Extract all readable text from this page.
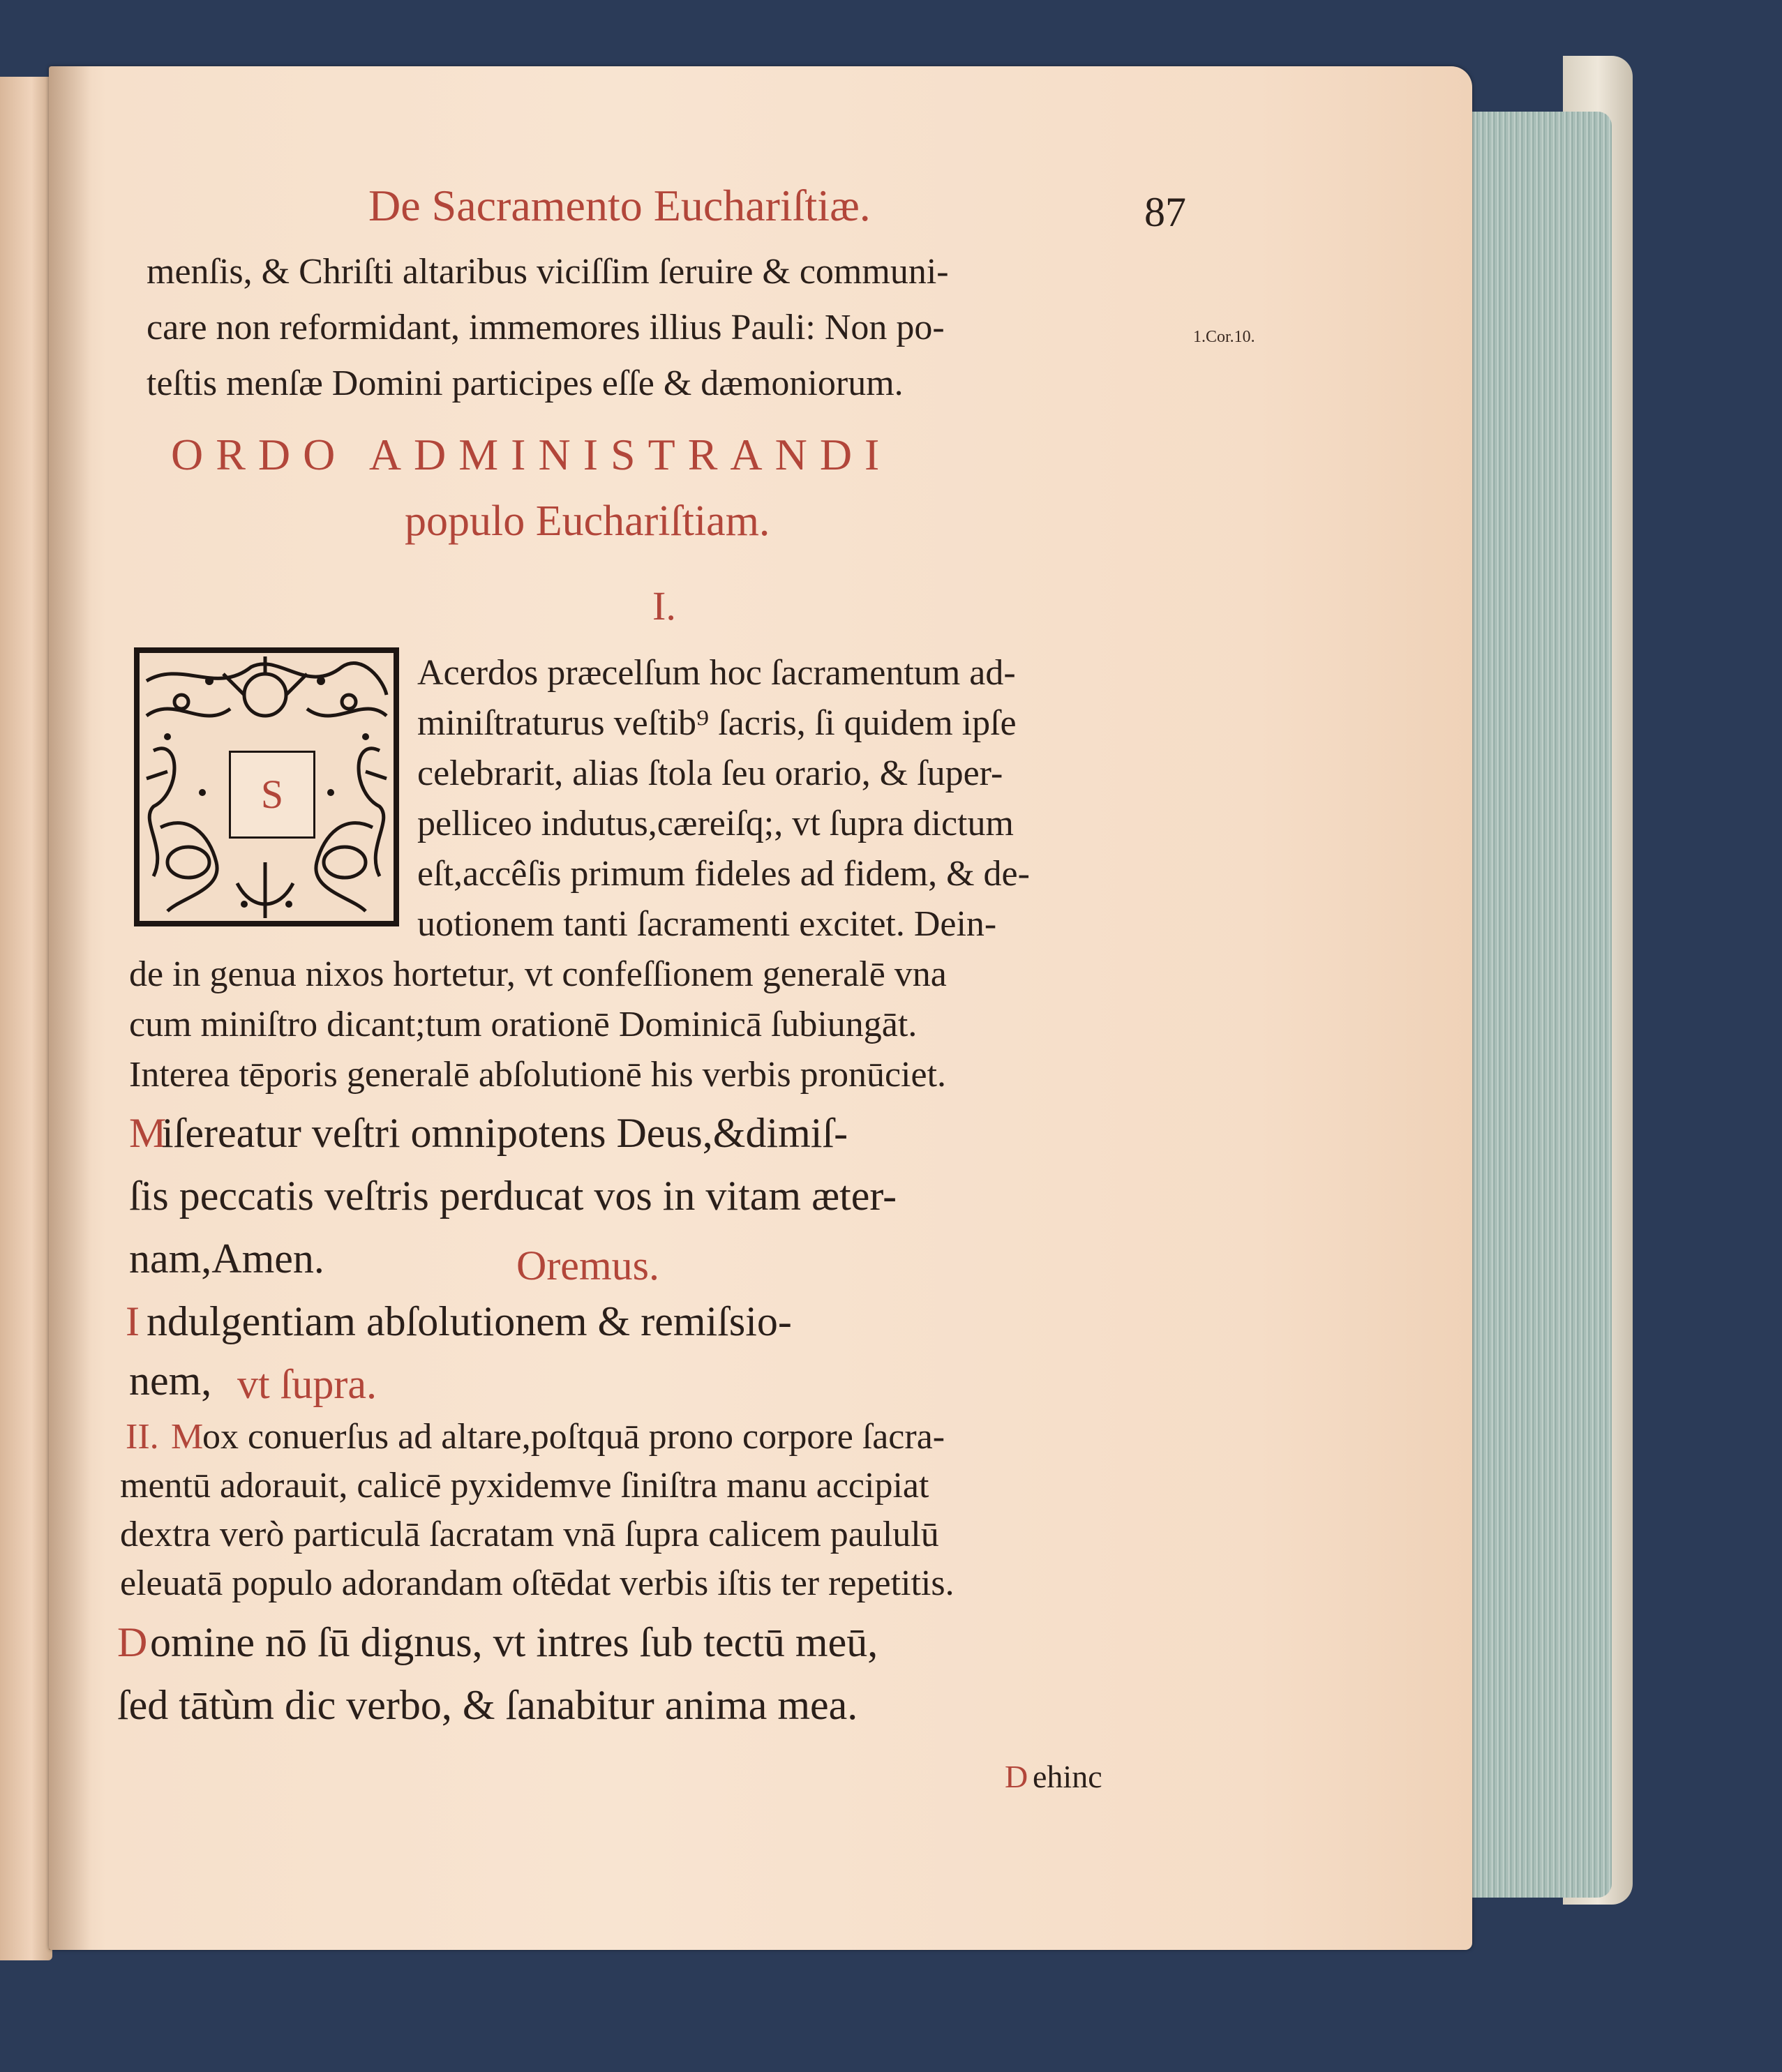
De Sacramento Euchariſtiæ.	87
menſis, & Chriſti altaribus viciſſim ſeruire & communi-
care non reformidant, immemores illius Pauli: Non po-
teſtis menſæ Domini participes eſſe & dæmoniorum.
1.Cor.10.
ORDO ADMINISTRANDI
populo Euchariſtiam.
I.
S
Acerdos præcelſum hoc ſacramentum ad-
miniſtraturus veſtib⁹ ſacris, ſi quidem ipſe
celebrarit, alias ſtola ſeu orario, & ſuper-
pelliceo indutus,cæreiſq;, vt ſupra dictum
eſt,accêſis primum fideles ad fidem, & de-
uotionem tanti ſacramenti excitet. Dein-
de in genua nixos hortetur, vt confeſſionem generalē vna
cum miniſtro dicant;tum orationē Dominicā ſubiungāt.
Interea tēporis generalē abſolutionē his verbis pronūciet.
M
iſereatur veſtri omnipotens Deus,&dimiſ-
ſis peccatis veſtris perducat vos in vitam æter-
nam,Amen.	Oremus.
I ndulgentiam abſolutionem & remiſsio-
nem, vt ſupra.
II. M
ox conuerſus ad altare,poſtquā prono corpore ſacra-
mentū adorauit, calicē pyxidemve ſiniſtra manu accipiat
dextra verò particulā ſacratam vnā ſupra calicem paululū
eleuatā populo adorandam oſtēdat verbis iſtis ter repetitis.
D omine nō ſū dignus, vt intres ſub tectū meū,
ſed tātùm dic verbo, & ſanabitur anima mea.
D ehinc
